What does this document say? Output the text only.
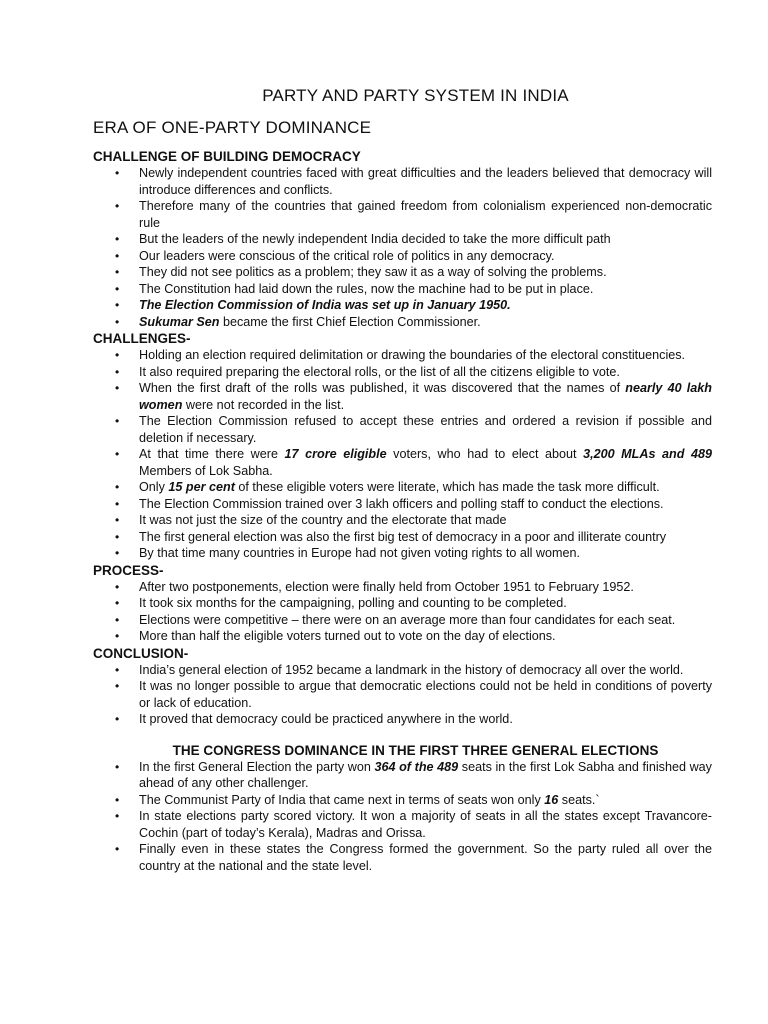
PARTY AND PARTY SYSTEM IN INDIA
ERA OF ONE-PARTY DOMINANCE
CHALLENGE OF BUILDING DEMOCRACY
• Newly independent countries faced with great difficulties and the leaders believed that democracy will introduce differences and conflicts.
• Therefore many of the countries that gained freedom from colonialism experienced non-democratic rule
• But the leaders of the newly independent India decided to take the more difficult path
• Our leaders were conscious of the critical role of politics in any democracy.
• They did not see politics as a problem; they saw it as a way of solving the problems.
• The Constitution had laid down the rules, now the machine had to be put in place.
• The Election Commission of India was set up in January 1950.
• Sukumar Sen became the first Chief Election Commissioner.
CHALLENGES-
• Holding an election required delimitation or drawing the boundaries of the electoral constituencies.
• It also required preparing the electoral rolls, or the list of all the citizens eligible to vote.
• When the first draft of the rolls was published, it was discovered that the names of nearly 40 lakh women were not recorded in the list.
• The Election Commission refused to accept these entries and ordered a revision if possible and deletion if necessary.
• At that time there were 17 crore eligible voters, who had to elect about 3,200 MLAs and 489 Members of Lok Sabha.
• Only 15 per cent of these eligible voters were literate, which has made the task more difficult.
• The Election Commission trained over 3 lakh officers and polling staff to conduct the elections.
• It was not just the size of the country and the electorate that made
• The first general election was also the first big test of democracy in a poor and illiterate country
• By that time many countries in Europe had not given voting rights to all women.
PROCESS-
• After two postponements, election were finally held from October 1951 to February 1952.
• It took six months for the campaigning, polling and counting to be completed.
• Elections were competitive – there were on an average more than four candidates for each seat.
• More than half the eligible voters turned out to vote on the day of elections.
CONCLUSION-
• India’s general election of 1952 became a landmark in the history of democracy all over the world.
• It was no longer possible to argue that democratic elections could not be held in conditions of poverty or lack of education.
• It proved that democracy could be practiced anywhere in the world.
THE CONGRESS DOMINANCE IN THE FIRST THREE GENERAL ELECTIONS
• In the first General Election the party won 364 of the 489 seats in the first Lok Sabha and finished way ahead of any other challenger.
• The Communist Party of India that came next in terms of seats won only 16 seats.`
• In state elections party scored victory. It won a majority of seats in all the states except Travancore-Cochin (part of today’s Kerala), Madras and Orissa.
• Finally even in these states the Congress formed the government. So the party ruled all over the country at the national and the state level.
